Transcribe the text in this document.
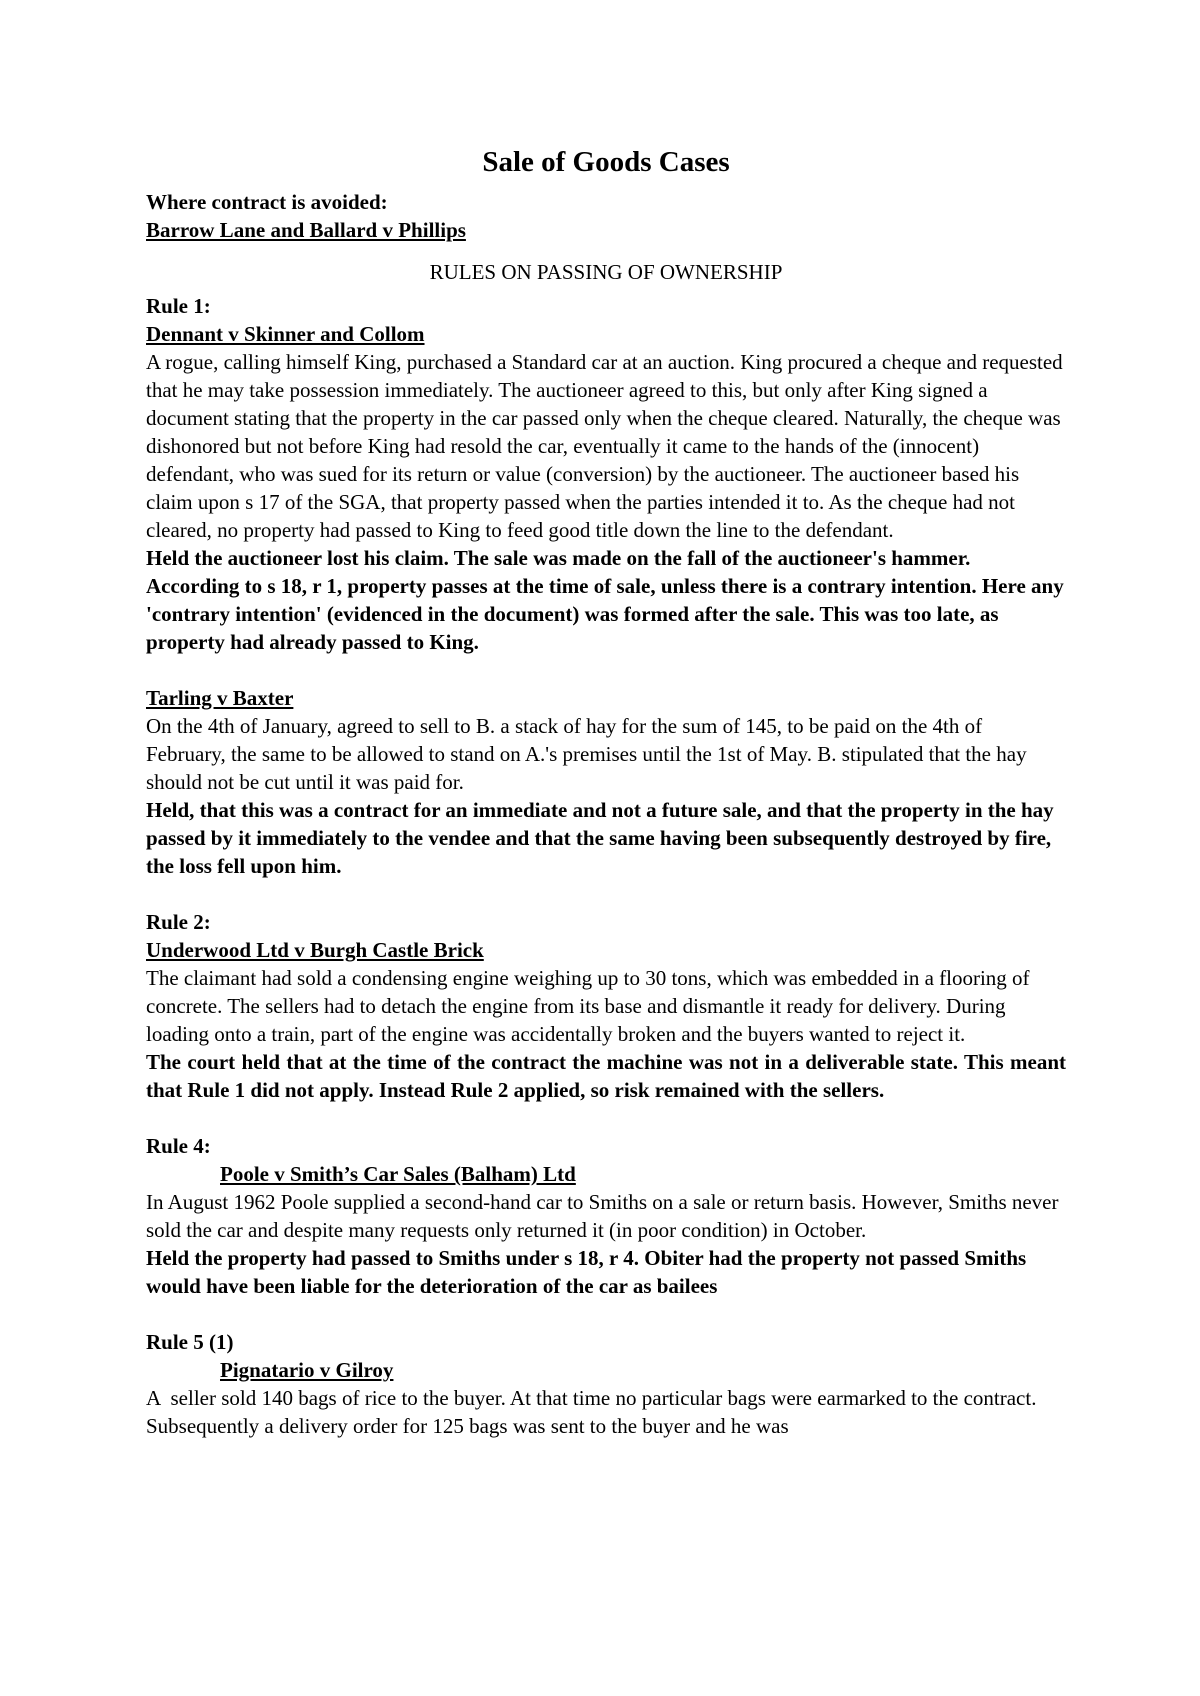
Sale of Goods Cases

Where contract is avoided:

Barrow Lane and Ballard v Phillips

RULES ON PASSING OF OWNERSHIP

Rule 1:

Dennant v Skinner and Collom

A rogue, calling himself King, purchased a Standard car at an auction. King procured a cheque and requested that he may take possession immediately. The auctioneer agreed to this, but only after King signed a document stating that the property in the car passed only when the cheque cleared. Naturally, the cheque was dishonored but not before King had resold the car, eventually it came to the hands of the (innocent) defendant, who was sued for its return or value (conversion) by the auctioneer. The auctioneer based his claim upon s 17 of the SGA, that property passed when the parties intended it to. As the cheque had not cleared, no property had passed to King to feed good title down the line to the defendant.

Held the auctioneer lost his claim. The sale was made on the fall of the auctioneer's hammer. According to s 18, r 1, property passes at the time of sale, unless there is a contrary intention. Here any 'contrary intention' (evidenced in the document) was formed after the sale. This was too late, as property had already passed to King.

Tarling v Baxter

On the 4th of January, agreed to sell to B. a stack of hay for the sum of 145, to be paid on the 4th of February, the same to be allowed to stand on A.'s premises until the 1st of May. B. stipulated that the hay should not be cut until it was paid for.

Held, that this was a contract for an immediate and not a future sale, and that the property in the hay passed by it immediately to the vendee and that the same having been subsequently destroyed by fire, the loss fell upon him.

Rule 2:

Underwood Ltd v Burgh Castle Brick

The claimant had sold a condensing engine weighing up to 30 tons, which was embedded in a flooring of concrete. The sellers had to detach the engine from its base and dismantle it ready for delivery. During loading onto a train, part of the engine was accidentally broken and the buyers wanted to reject it.

The court held that at the time of the contract the machine was not in a deliverable state. This meant that Rule 1 did not apply. Instead Rule 2 applied, so risk remained with the sellers.

Rule 4:

Poole v Smith’s Car Sales (Balham) Ltd

In August 1962 Poole supplied a second-hand car to Smiths on a sale or return basis. However, Smiths never sold the car and despite many requests only returned it (in poor condition) in October.

Held the property had passed to Smiths under s 18, r 4. Obiter had the property not passed Smiths would have been liable for the deterioration of the car as bailees

Rule 5 (1)

Pignatario v Gilroy

A  seller sold 140 bags of rice to the buyer. At that time no particular bags were earmarked to the contract. Subsequently a delivery order for 125 bags was sent to the buyer and he was
